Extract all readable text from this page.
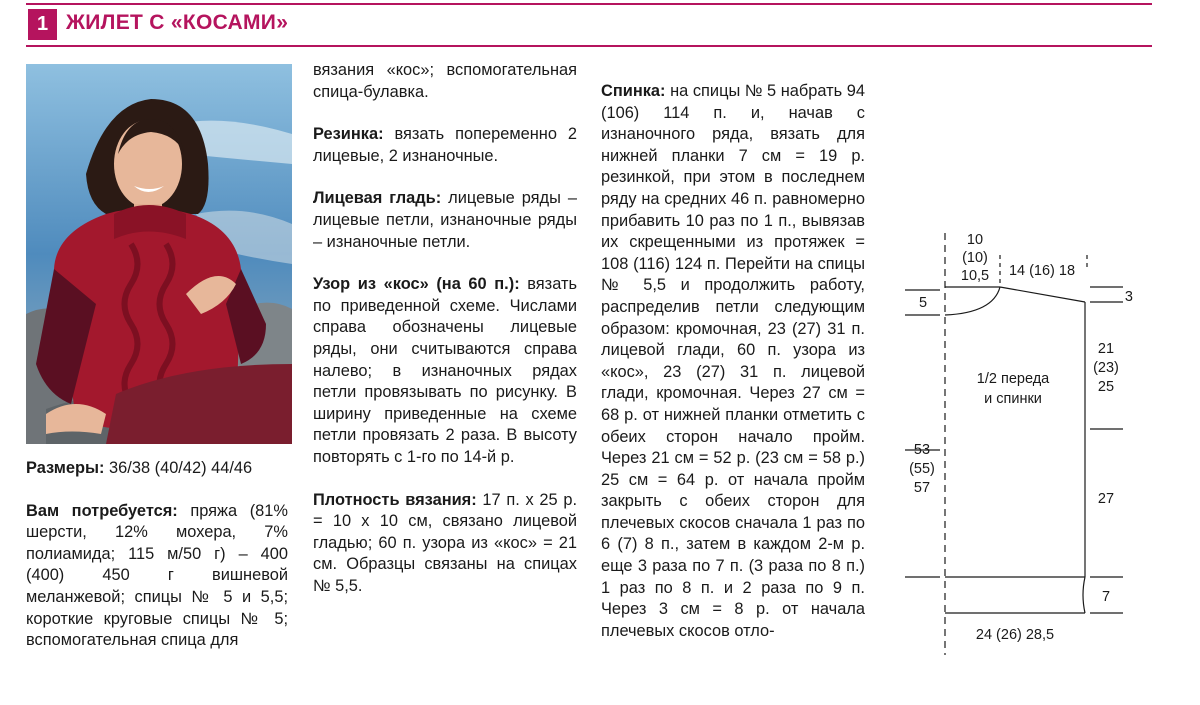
1 ЖИЛЕТ С «КОСАМИ»

Размеры: 36/38 (40/42) 44/46

Вам потребуется: пряжа (81% шерсти, 12% мохера, 7% полиамида; 115 м/50 г) – 400 (400) 450 г вишневой меланжевой; спицы № 5 и 5,5; короткие круговые спицы № 5; вспомогательная спица для

вязания «кос»; вспомогательная спица-булавка.

Резинка: вязать попеременно 2 лицевые, 2 изнаночные.

Лицевая гладь: лицевые ряды – лицевые петли, изнаночные ряды – изнаночные петли.

Узор из «кос» (на 60 п.): вязать по приведенной схеме. Числами справа обозначены лицевые ряды, они считываются справа налево; в изнаночных рядах петли провязывать по рисунку. В ширину приведенные на схеме петли провязать 2 раза. В высоту повторять с 1-го по 14-й р.

Плотность вязания: 17 п. х 25 р. = 10 х 10 см, связано лицевой гладью; 60 п. узора из «кос» = 21 см. Образцы связаны на спицах № 5,5.

Спинка: на спицы № 5 набрать 94 (106) 114 п. и, начав с изнаночного ряда, вязать для нижней планки 7 см = 19 р. резинкой, при этом в последнем ряду на средних 46 п. равномерно прибавить 10 раз по 1 п., вывязав их скрещенными из протяжек = 108 (116) 124 п. Перейти на спицы № 5,5 и продолжить работу, распределив петли следующим образом: кромочная, 23 (27) 31 п. лицевой глади, 60 п. узора из «кос», 23 (27) 31 п. лицевой глади, кромочная. Через 27 см = 68 р. от нижней планки отметить с обеих сторон начало пройм. Через 21 см = 52 р. (23 см = 58 р.) 25 см = 64 р. от начала пройм закрыть с обеих сторон для плечевых скосов сначала 1 раз по 6 (7) 8 п., затем в каждом 2-м р. еще 3 раза по 7 п. (3 раза по 8 п.) 1 раз по 8 п. и 2 раза по 9 п. Через 3 см = 8 р. от начала плечевых скосов отло-

10
(10)
10,5 14 (16) 18
5	3
21
(23)
25
1/2 переда
и спинки
53
(55)
57
27
7
24 (26) 28,5
